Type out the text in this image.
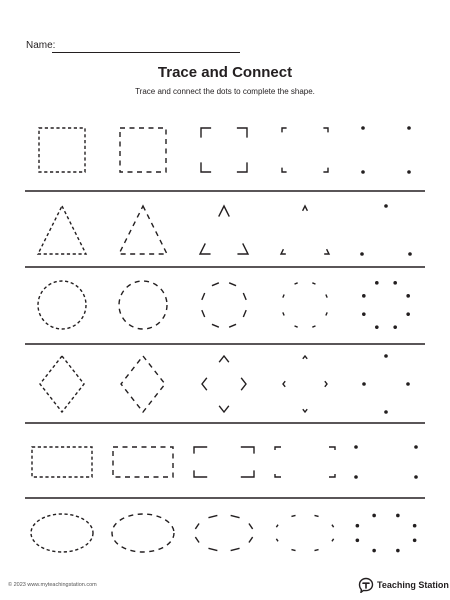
Name:
Trace and Connect
Trace and connect the dots to complete the shape.
© 2023 www.myteachingstation.com	Teaching Station
